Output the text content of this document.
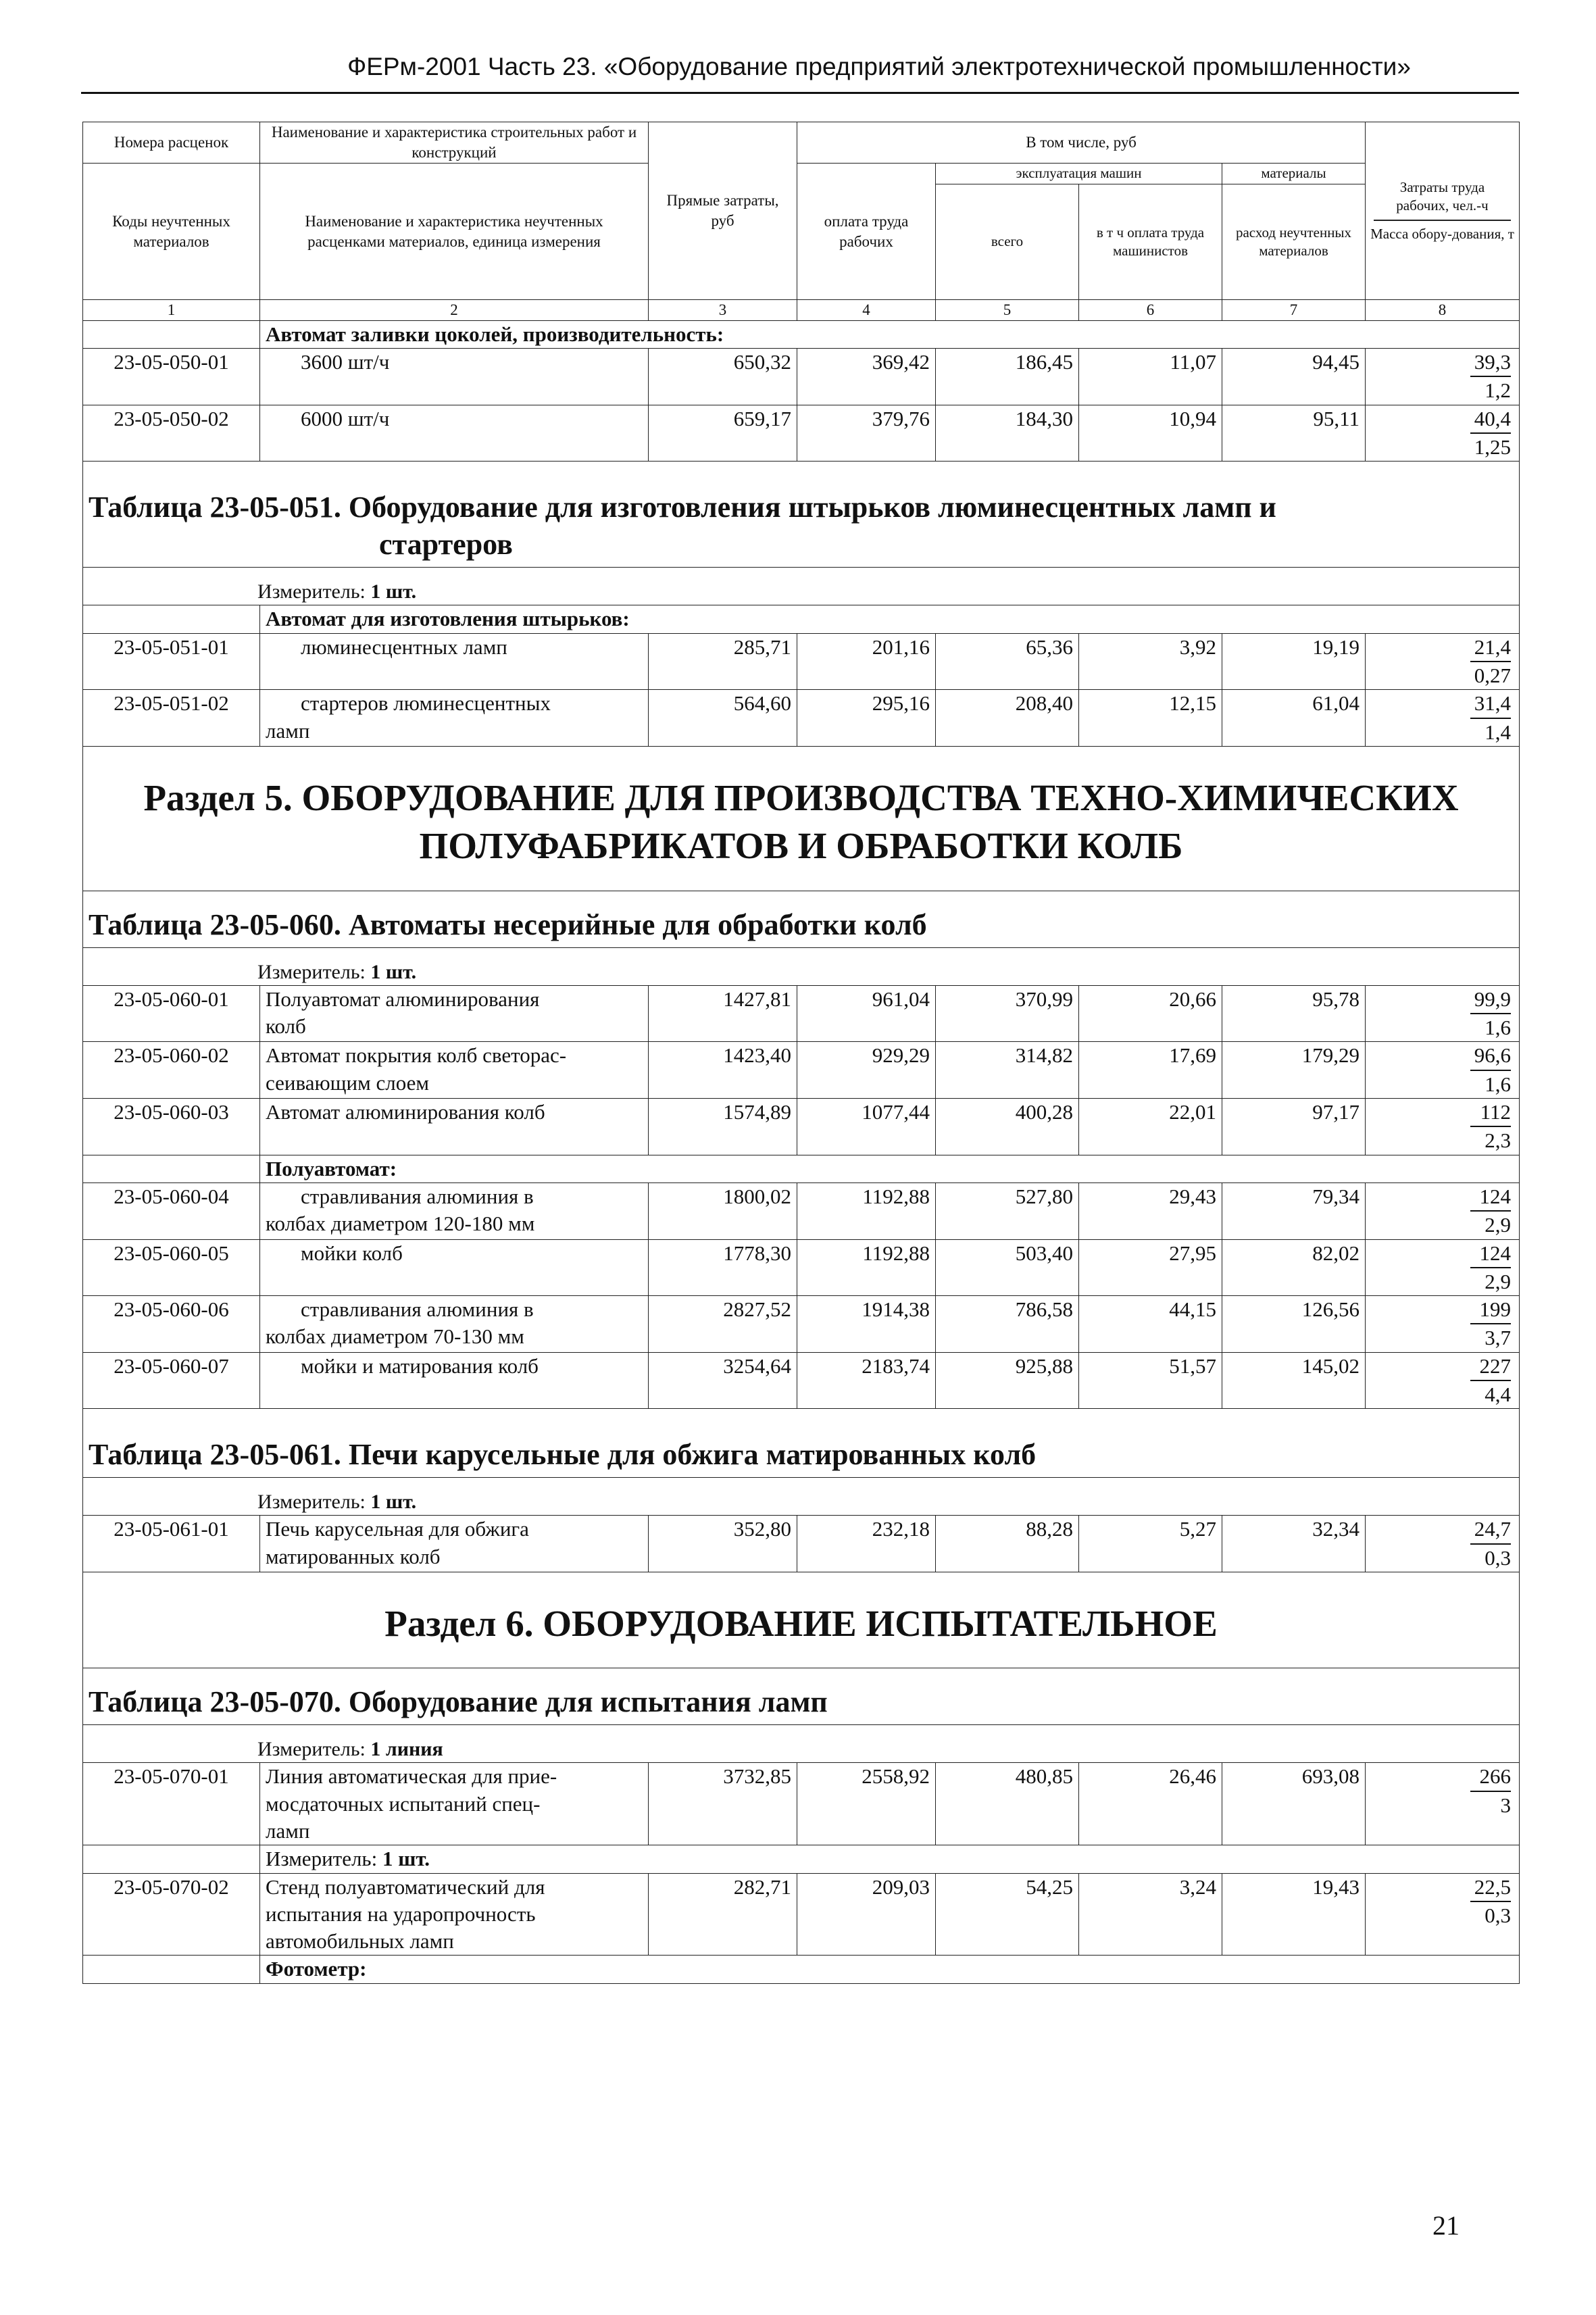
ФЕРм-2001 Часть 23. «Оборудование предприятий электротехнической промышленности»
Номера расценок	Наименование и характеристика строительных работ и конструкций	Прямые затраты, руб	В том числе, руб				Затраты труда рабочих, чел.-ч
Масса обору-дования, т

Коды неучтенных материалов	Наименование и характеристика неучтенных расценками материалов, единица измерения		оплата труда рабочих	эксплуатация машин		материалы	
				всего	в т ч оплата труда машинистов	расход неучтенных материалов	
1	2	3	4	5	6	7	8
	Автомат заливки цоколей, производительность:						
23-05-050-01	3600 шт/ч	650,32	369,42	186,45	11,07	94,45	39,3
1,2
23-05-050-02	6000 шт/ч	659,17	379,76	184,30	10,94	95,11	40,4
1,25
Таблица 23-05-051. Оборудование для изготовления штырьков люминесцентных ламп и
стартеров							

Измеритель: 1 шт.							
	Автомат для изготовления штырьков:						
23-05-051-01	люминесцентных ламп	285,71	201,16	65,36	3,92	19,19	21,4
0,27
23-05-051-02	стартеров люминесцентных
ламп	564,60	295,16	208,40	12,15	61,04	31,4
1,4
Раздел 5. ОБОРУДОВАНИЕ ДЛЯ ПРОИЗВОДСТВА ТЕХНО-ХИМИЧЕСКИХ
ПОЛУФАБРИКАТОВ И ОБРАБОТКИ КОЛБ							
Таблица 23-05-060. Автоматы несерийные для обработки колб							
Измеритель: 1 шт.							
23-05-060-01	Полуавтомат алюминирования
колб	1427,81	961,04	370,99	20,66	95,78	99,9
1,6
23-05-060-02	Автомат покрытия колб светорас-
сеивающим слоем	1423,40	929,29	314,82	17,69	179,29	96,6
1,6
23-05-060-03	Автомат алюминирования колб	1574,89	1077,44	400,28	22,01	97,17	112
2,3
	Полуавтомат:						
23-05-060-04	стравливания алюминия в
колбах диаметром 120-180 мм	1800,02	1192,88	527,80	29,43	79,34	124
2,9
23-05-060-05	мойки колб	1778,30	1192,88	503,40	27,95	82,02	124
2,9
23-05-060-06	стравливания алюминия в
колбах диаметром 70-130 мм	2827,52	1914,38	786,58	44,15	126,56	199
3,7
23-05-060-07	мойки и матирования колб	3254,64	2183,74	925,88	51,57	145,02	227
4,4
Таблица 23-05-061. Печи карусельные для обжига матированных колб							
Измеритель: 1 шт.							
23-05-061-01	Печь карусельная для обжига
матированных колб	352,80	232,18	88,28	5,27	32,34	24,7
0,3
Раздел 6. ОБОРУДОВАНИЕ ИСПЫТАТЕЛЬНОЕ							
Таблица 23-05-070. Оборудование для испытания ламп							
Измеритель: 1 линия							
23-05-070-01	Линия автоматическая для прие-
мосдаточных испытаний спец-
ламп	3732,85	2558,92	480,85	26,46	693,08	266
3
	Измеритель: 1 шт.						
23-05-070-02	Стенд полуавтоматический для
испытания на ударопрочность
автомобильных ламп	282,71	209,03	54,25	3,24	19,43	22,5
0,3
	Фотометр:						
21
